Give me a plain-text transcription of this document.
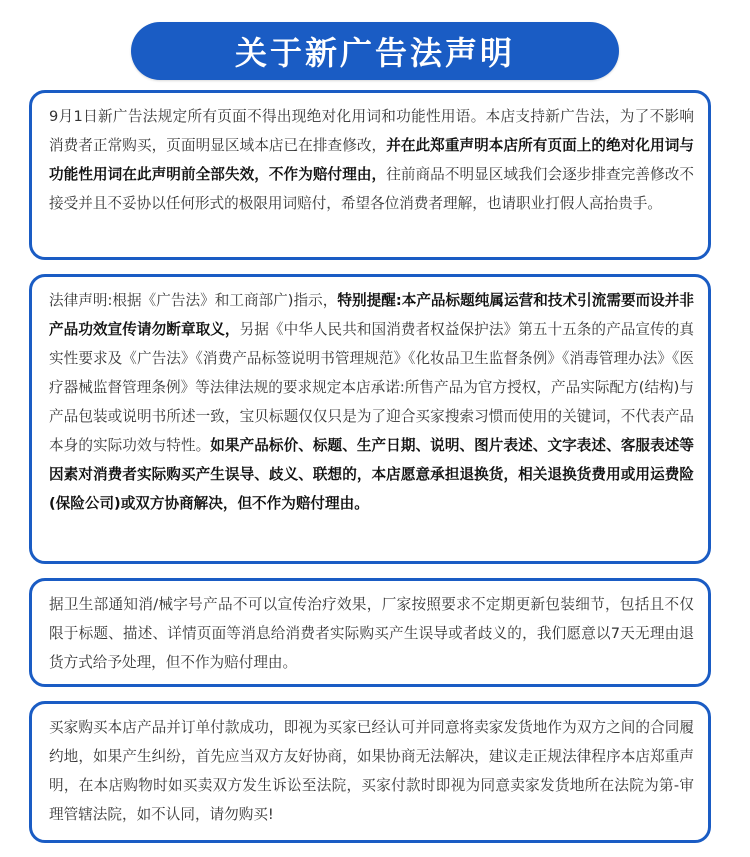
关于新广告法声明

9月1日新广告法规定所有页面不得出现绝对化用词和功能性用语。本店支持新广告法，为了不影响消费者正常购买，页面明显区域本店已在排查修改，并在此郑重声明本店所有页面上的绝对化用词与功能性用词在此声明前全部失效，不作为赔付理由，往前商品不明显区域我们会逐步排查完善修改不接受并且不妥协以任何形式的极限用词赔付，希望各位消费者理解，也请职业打假人高抬贵手。

法律声明:根据《广告法》和工商部广)指示，特别提醒:本产品标题纯属运营和技术引流需要而设并非产品功效宣传请勿断章取义，另据《中华人民共和国消费者权益保护法》第五十五条的产品宣传的真实性要求及《广告法》《消费产品标签说明书管理规范》《化妆品卫生监督条例》《消毒管理办法》《医疗器械监督管理条例》等法律法规的要求规定本店承诺:所售产品为官方授权，产品实际配方(结构)与产品包装或说明书所述一致，宝贝标题仅仅只是为了迎合买家搜索习惯而使用的关键词，不代表产品本身的实际功效与特性。如果产品标价、标题、生产日期、说明、图片表述、文字表述、客服表述等因素对消费者实际购买产生误导、歧义、联想的，本店愿意承担退换货，相关退换货费用或用运费险(保险公司)或双方协商解决，但不作为赔付理由。

据卫生部通知消/械字号产品不可以宣传治疗效果，厂家按照要求不定期更新包装细节，包括且不仅限于标题、描述、详情页面等消息给消费者实际购买产生误导或者歧义的，我们愿意以7天无理由退货方式给予处理，但不作为赔付理由。

买家购买本店产品并订单付款成功，即视为买家已经认可并同意将卖家发货地作为双方之间的合同履约地，如果产生纠纷，首先应当双方友好协商，如果协商无法解决，建议走正规法律程序本店郑重声明，在本店购物时如买卖双方发生诉讼至法院，买家付款时即视为同意卖家发货地所在法院为第-审理管辖法院，如不认同，请勿购买!
